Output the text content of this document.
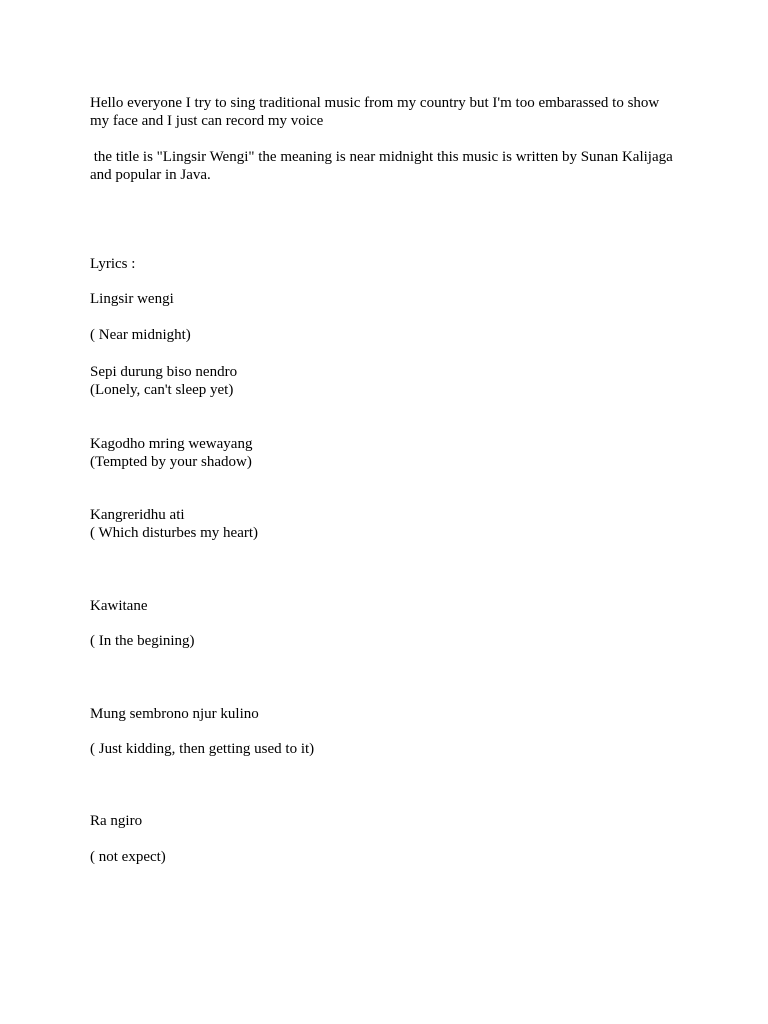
Hello everyone I try to sing traditional music from my country but I'm too embarassed to show

my face and I just can record my voice

the title is "Lingsir Wengi" the meaning is near midnight this music is written by Sunan Kalijaga

and popular in Java.

Lyrics :

Lingsir wengi

( Near midnight)

Sepi durung biso nendro

(Lonely, can't sleep yet)

Kagodho mring wewayang

(Tempted by your shadow)

Kangreridhu ati

( Which disturbes my heart)

Kawitane

( In the begining)

Mung sembrono njur kulino

( Just kidding, then getting used to it)

Ra ngiro

( not expect)
